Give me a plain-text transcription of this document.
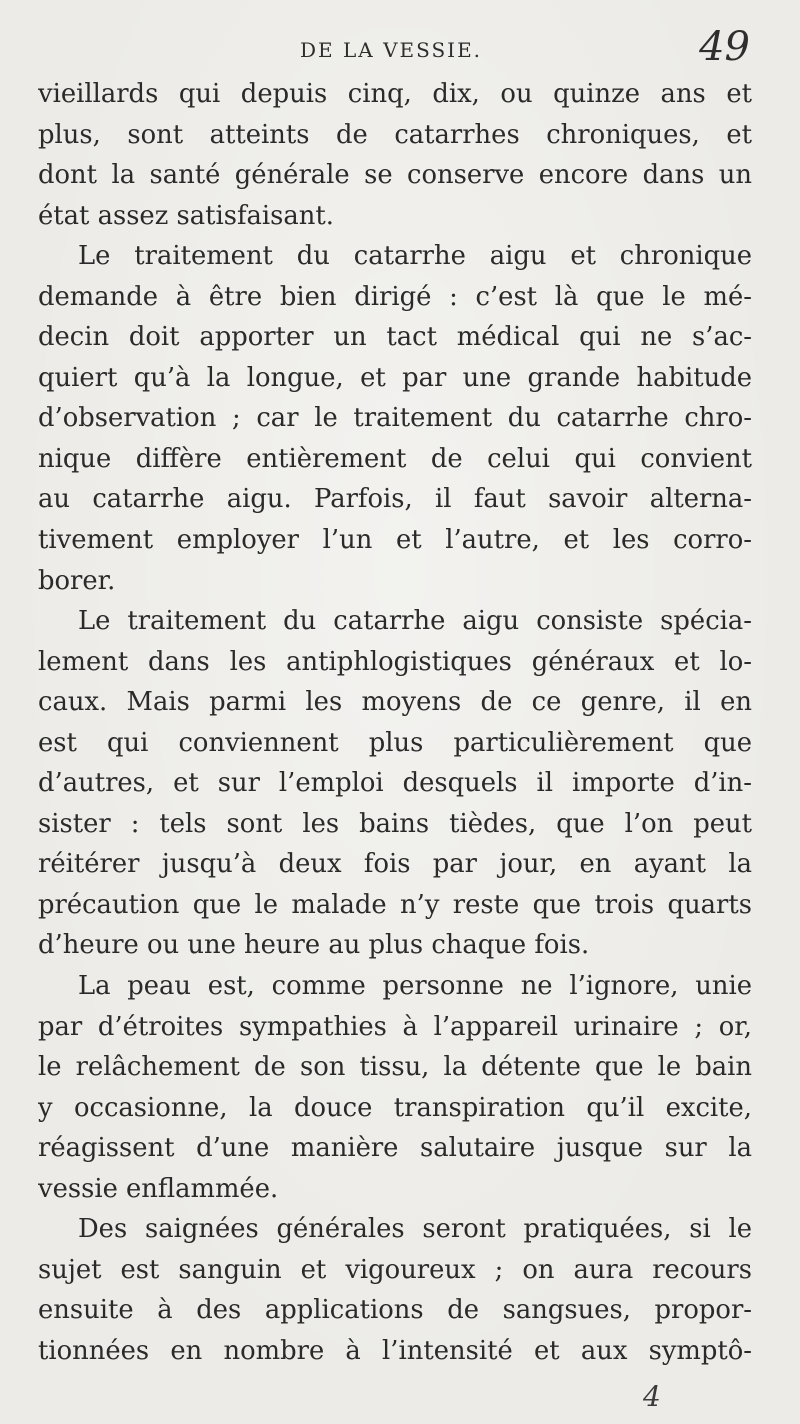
DE LA VESSIE.	49
vieillards qui depuis cinq, dix, ou quinze ans et
plus, sont atteints de catarrhes chroniques, et
dont la santé générale se conserve encore dans un
état assez satisfaisant.
Le traitement du catarrhe aigu et chronique
demande à être bien dirigé : c’est là que le mé-
decin doit apporter un tact médical qui ne s’ac-
quiert qu’à la longue, et par une grande habitude
d’observation ; car le traitement du catarrhe chro-
nique diffère entièrement de celui qui convient
au catarrhe aigu. Parfois, il faut savoir alterna-
tivement employer l’un et l’autre, et les corro-
borer.
Le traitement du catarrhe aigu consiste spécia-
lement dans les antiphlogistiques généraux et lo-
caux. Mais parmi les moyens de ce genre, il en
est qui conviennent plus particulièrement que
d’autres, et sur l’emploi desquels il importe d’in-
sister : tels sont les bains tièdes, que l’on peut
réitérer jusqu’à deux fois par jour, en ayant la
précaution que le malade n’y reste que trois quarts
d’heure ou une heure au plus chaque fois.
La peau est, comme personne ne l’ignore, unie
par d’étroites sympathies à l’appareil urinaire ; or,
le relâchement de son tissu, la détente que le bain
y occasionne, la douce transpiration qu’il excite,
réagissent d’une manière salutaire jusque sur la
vessie enflammée.
Des saignées générales seront pratiquées, si le
sujet est sanguin et vigoureux ; on aura recours
ensuite à des applications de sangsues, propor-
tionnées en nombre à l’intensité et aux symptô-
4
